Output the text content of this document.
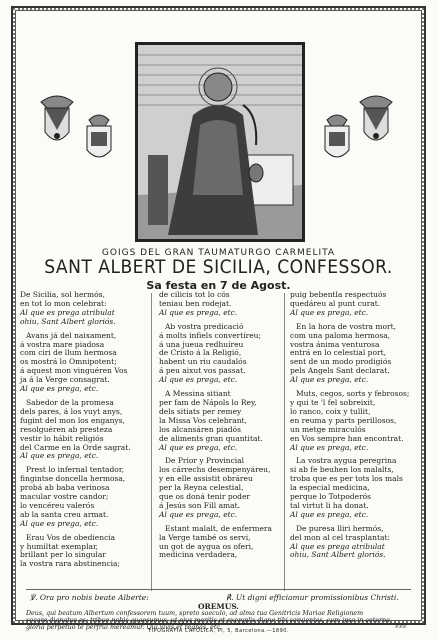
GOIGS DEL GRAN TAUMATURGO CARMELITA
SANT ALBERT DE SICILIA, CONFESSOR.
Sa festa en 7 de Agost.
De Sicilia, sol hermós,
en tot lo mon celebrat:
Al que es prega atribulat
ohiu, Sant Albert gloriós.
Avans já del naixament,
á vostra mare piadosa
com ciri de llum hermosa
os mostrá lo Omnipotent;
á aquest mon vinguéren Vos
ja á la Verge consagrat.
Al que es prega, etc.
Sabedor de la promesa
dels pares, á los vuyt anys,
fugint del mon los enganys,
resolguéren ab presteza
vestir lo hábit religiós
del Carme en la Orde sagrat.
Al que es prega, etc.
Prest lo infernal tentador,
fingintse doncella hermosa,
probá ab baba verinosa
macular vostre candor;
lo vencéreu valerós
ab la santa creu armat.
Al que es prega, etc.
Erau Vos de obediencia
y humiltat exemplar,
brillant per lo singular
la vostra rara abstinencia;
de cilicis tot lo cós
teniau ben rodejat.
Al que es prega, etc.
Ab vostra predicació
á molts infiels convertíreu;
á una jueua redhuíreu
de Cristo á la Religió,
habent un riu caudalós
á peu aixut vos passat.
Al que es prega, etc.
A Messina sitiant
per fam de Nápols lo Rey,
dels sitiats per remey
la Missa Vos celebrant,
los alcansáren piadós
de aliments gran quantitat.
Al que es prega, etc.
De Prior y Provincial
los cárrechs desempenyáreu,
y en elle assistit obráreu
per la Reyna celestial,
que os doná tenir poder
á Jesús son Fill amat.
Al que es prega, etc.
Estant malalt, de enfermera
la Verge també os servi,
un got de aygua os oferi,
medicina verdadera,
puig bebentla respectuós
quedáreu al punt curat.
Al que es prega, etc.
En la hora de vostra mort,
com una paloma hermosa,
vostra ánima venturosa
entrá en lo celestial port,
sent de un modo prodigiós
pels Angels Sant declarat.
Al que es prega, etc.
Muts, cegos, sorts y febrosos;
y qui te 'l fel sobreixit,
lo ranco, coix y tullit,
en reuma y parts perillosos,
un metge miraculós
en Vos sempre han encontrat.
Al que es prega, etc.
La vostra aygua peregrina
si ab fe beuhen los malalts,
troba que es per tots los mals
la especial medicina,
perque lo Totpoderós
tal virtut li ha donat.
Al que es prega, etc.
De puresa lliri hermós,
del mon al cel trasplantat:
Al que es prega atribulat
ohiu, Sant Albert gloriós.
℣. Ora pro nobis beate Alberte:	℟. Ut digni efficiamur promissionibus Christi.
OREMUS.
Deus, qui beatum Albertum confessorem tuum, spreto saeculo, ad alma tua Genitricis Mariae Religionem
vocare dignatus es: tribue nobis quaesumus, ut ejus meritis et exemplis digne tibi servientes, cum ipso in aeterna
gloria perpetuo te perfrui mereamur. Qui vivis et regnas, etc.	P.P.P.
TIPOGRAFÍA CATÓLICA, Pí, 5, Barcelona.—1890.
